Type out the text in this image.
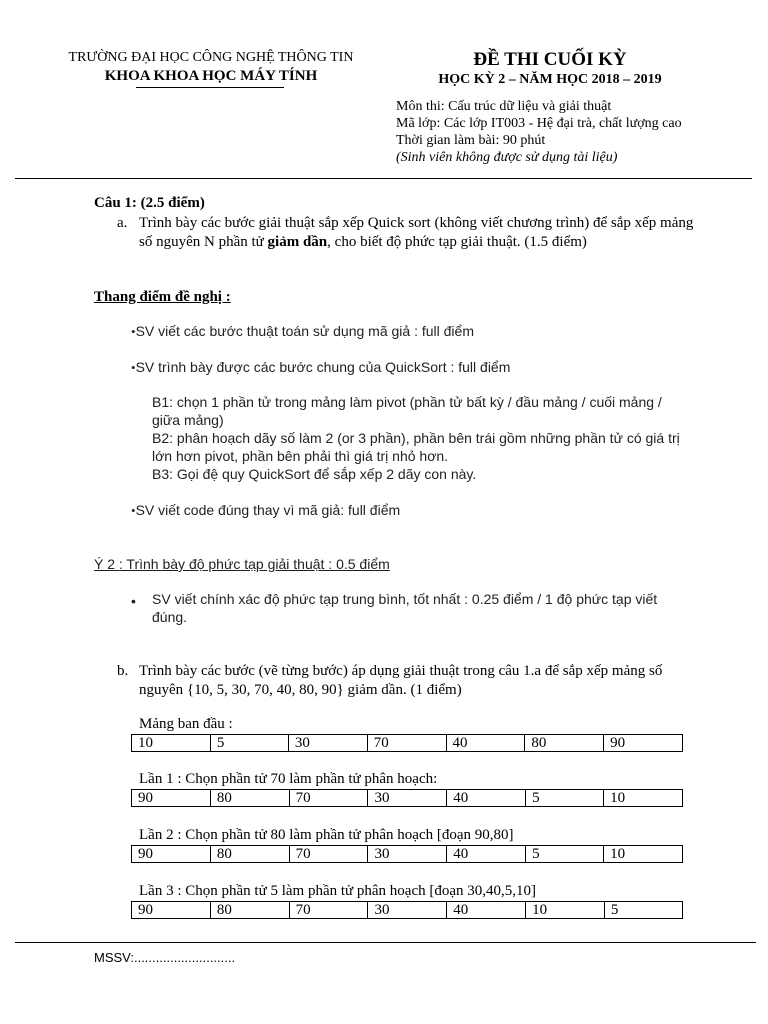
TRƯỜNG ĐẠI HỌC CÔNG NGHỆ THÔNG TIN
KHOA KHOA HỌC MÁY TÍNH
ĐỀ THI CUỐI KỲ
HỌC KỲ 2 – NĂM HỌC 2018 – 2019
Môn thi: Cấu trúc dữ liệu và giải thuật
Mã lớp: Các lớp IT003 - Hệ đại trà, chất lượng cao
Thời gian làm bài: 90 phút
(Sinh viên không được sử dụng tài liệu)
Câu 1: (2.5 điểm)
a. Trình bày các bước giải thuật sắp xếp Quick sort (không viết chương trình) để sắp xếp mảng số nguyên N phần tử giảm dần, cho biết độ phức tạp giải thuật. (1.5 điểm)
Thang điểm đề nghị :
•SV viết các bước thuật toán sử dụng mã giả : full điểm
•SV trình bày được các bước chung của QuickSort : full điểm
B1: chọn 1 phần tử trong mảng làm pivot (phần tử bất kỳ / đầu mảng / cuối mảng / giữa mảng)
B2: phân hoạch dãy số làm 2 (or 3 phần), phần bên trái gồm những phần tử có giá trị lớn hơn pivot, phần bên phải thì giá trị nhỏ hơn.
B3: Gọi đệ quy QuickSort để sắp xếp 2 dãy con này.
•SV viết code đúng thay vì mã giả: full điểm
Ý 2 : Trình bày độ phức tạp giải thuật : 0.5 điểm
• SV viết chính xác độ phức tạp trung bình, tốt nhất : 0.25 điểm / 1 độ phức tạp viết đúng.
b. Trình bày các bước (vẽ từng bước) áp dụng giải thuật trong câu 1.a để sắp xếp mảng số nguyên {10, 5, 30, 70, 40, 80, 90} giảm dần. (1 điểm)
Mảng ban đầu :
10	5	30	70	40	80	90
Lần 1 : Chọn phần tử 70 làm phần tử phân hoạch:
90	80	70	30	40	5	10
Lần 2 : Chọn phần tử 80 làm phần tử phân hoạch [đoạn 90,80]
90	80	70	30	40	5	10
Lần 3 : Chọn phần tử 5 làm phần tử phân hoạch [đoạn 30,40,5,10]
90	80	70	30	40	10	5
MSSV:............................
